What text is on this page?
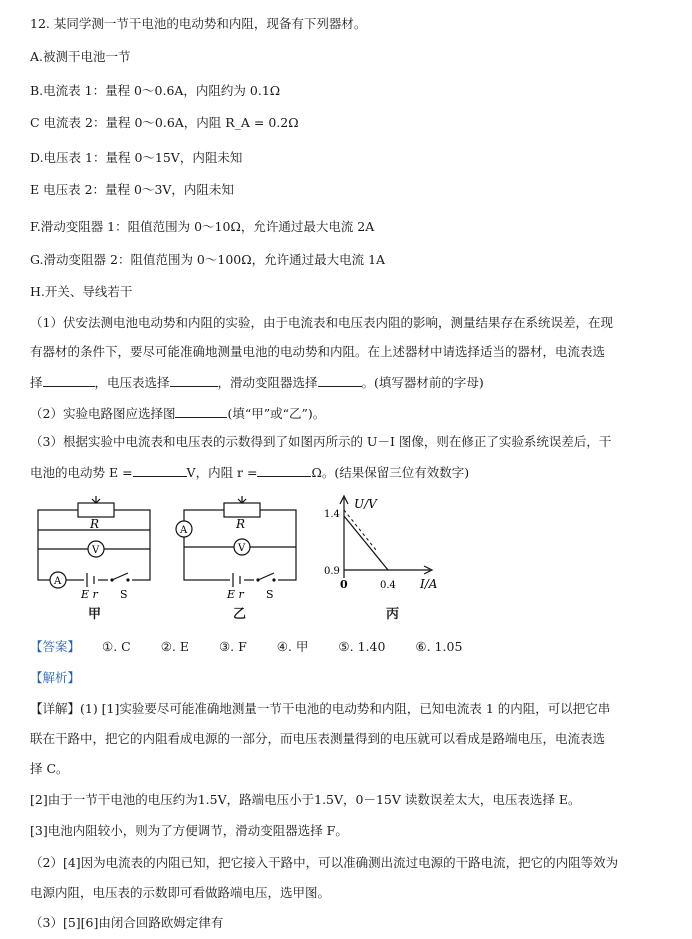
12. 某同学测一节干电池的电动势和内阻，现备有下列器材。
A.被测干电池一节
B.电流表 1：量程 0～0.6A，内阻约为 0.1Ω
C 电流表 2：量程 0～0.6A，内阻 R_A = 0.2Ω
D.电压表 1：量程 0～15V，内阻未知
E 电压表 2：量程 0～3V，内阻未知
F.滑动变阻器 1：阻值范围为 0～10Ω，允许通过最大电流 2A
G.滑动变阻器 2：阻值范围为 0～100Ω，允许通过最大电流 1A
H.开关、导线若干
（1）伏安法测电池电动势和内阻的实验，由于电流表和电压表内阻的影响，测量结果存在系统误差，在现
有器材的条件下，要尽可能准确地测量电池的电动势和内阻。在上述器材中请选择适当的器材，电流表选
择	，电压表选择	，滑动变阻器选择	。(填写器材前的字母)
（2）实验电路图应选择图	(填“甲”或“乙”)。
（3）根据实验中电流表和电压表的示数得到了如图丙所示的 U－I 图像，则在修正了实验系统误差后，干
电池的电动势 E =	V，内阻 r =	Ω。(结果保留三位有效数字)
R
V
A
E r S
甲
R
V
A
E r S
乙
U/V
I/A
1.4
0.9
0	0.4
丙
【答案】 ①. C ②. E ③. F ④. 甲 ⑤. 1.40 ⑥. 1.05
【解析】
【详解】(1) [1]实验要尽可能准确地测量一节干电池的电动势和内阻，已知电流表 1 的内阻，可以把它串
联在干路中，把它的内阻看成电源的一部分，而电压表测量得到的电压就可以看成是路端电压，电流表选
择 C。
[2]由于一节干电池的电压约为1.5V，路端电压小于1.5V，0－15V 读数误差太大，电压表选择 E。
[3]电池内阻较小，则为了方便调节，滑动变阻器选择 F。
（2）[4]因为电流表的内阻已知，把它接入干路中，可以准确测出流过电源的干路电流，把它的内阻等效为
电源内阻，电压表的示数即可看做路端电压，选甲图。
（3）[5][6]由闭合回路欧姆定律有
